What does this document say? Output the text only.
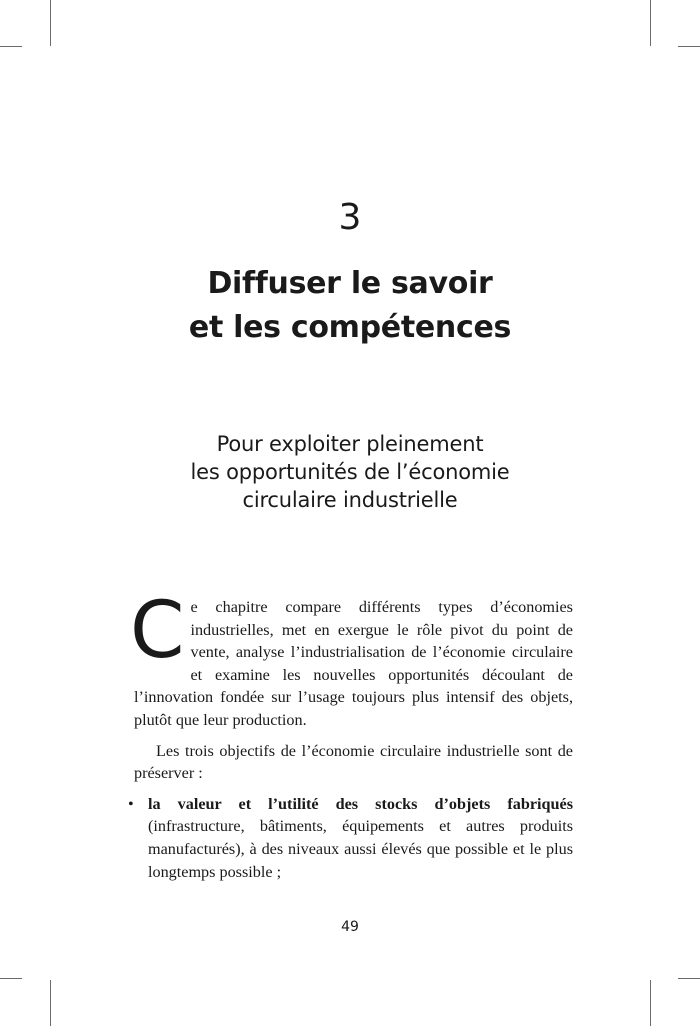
3
Diffuser le savoir
et les compétences
Pour exploiter pleinement
les opportunités de l’économie
circulaire industrielle

Ce chapitre compare différents types d’économies industrielles, met en exergue le rôle pivot du point de vente, analyse l’industrialisation de l’économie circulaire et examine les nouvelles opportunités découlant de l’innovation fondée sur l’usage toujours plus intensif des objets, plutôt que leur production.

Les trois objectifs de l’économie circulaire industrielle sont de préserver :

• la valeur et l’utilité des stocks d’objets fabriqués (infrastructure, bâtiments, équipements et autres produits manufacturés), à des niveaux aussi élevés que possible et le plus longtemps possible ;
49
